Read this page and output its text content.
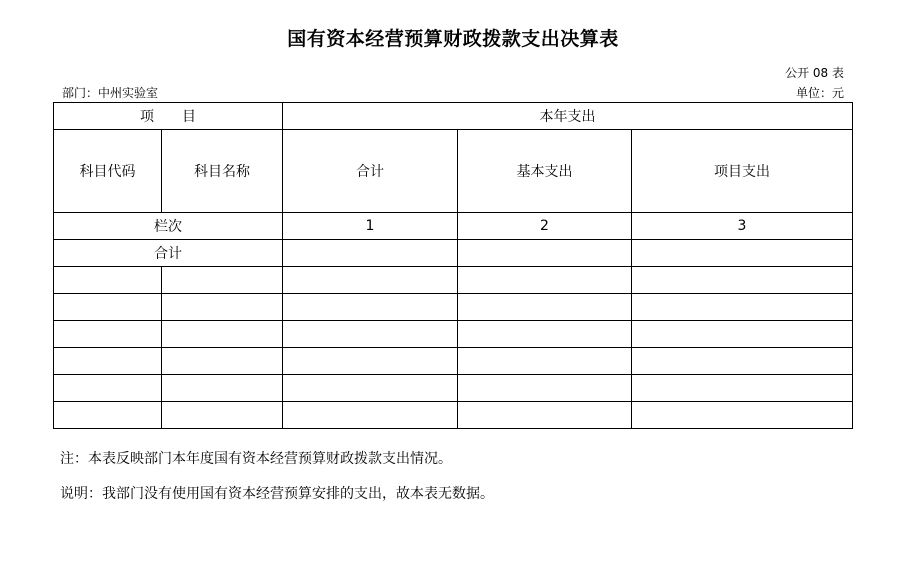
国有资本经营预算财政拨款支出决算表
公开 08 表
部门：中州实验室	单位：元
项　　目		本年支出		
科目代码	科目名称	合计	基本支出	项目支出
栏次		1	2	3
合计				

注：本表反映部门本年度国有资本经营预算财政拨款支出情况。
说明：我部门没有使用国有资本经营预算安排的支出，故本表无数据。
